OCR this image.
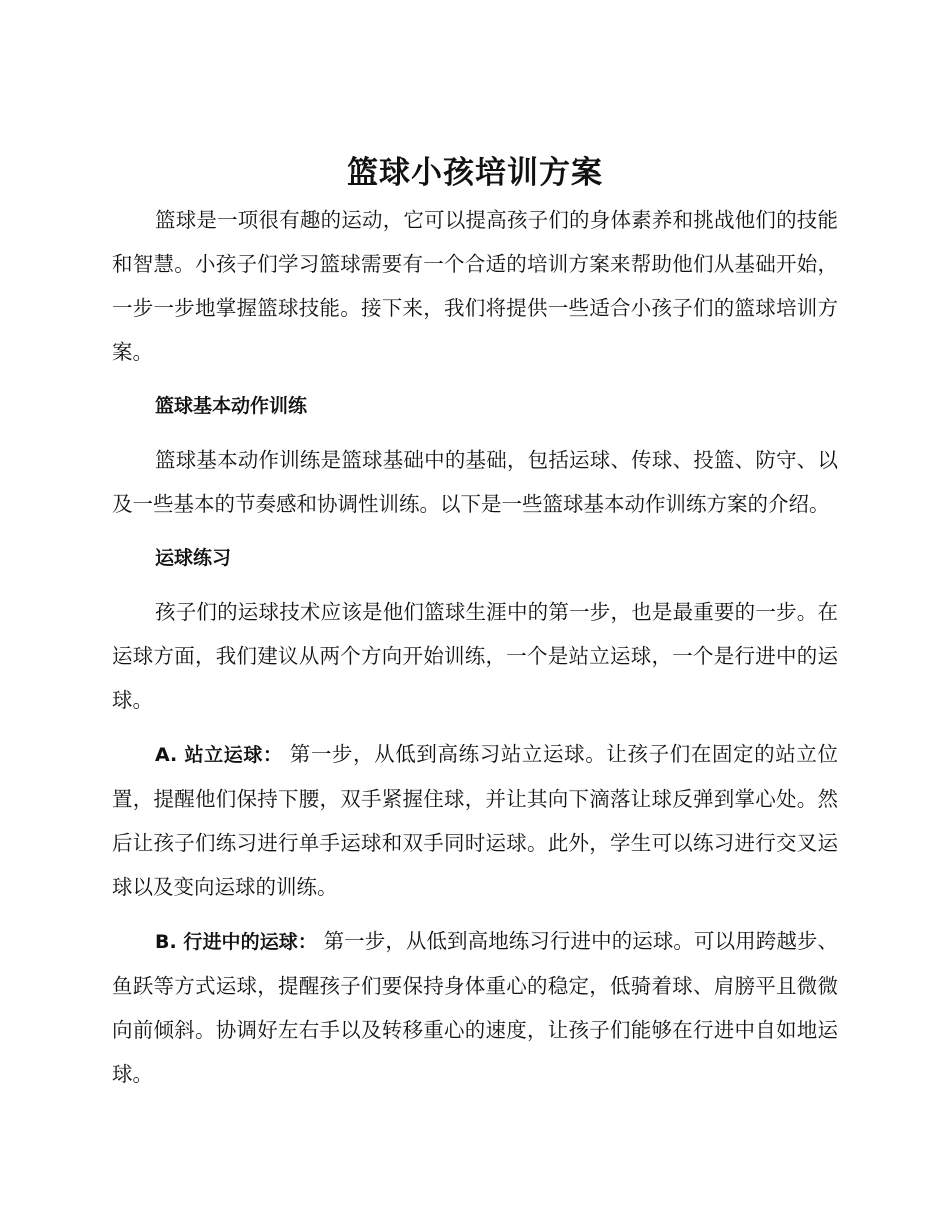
篮球小孩培训方案

篮球是一项很有趣的运动，它可以提高孩子们的身体素养和挑战他们的技能和智慧。小孩子们学习篮球需要有一个合适的培训方案来帮助他们从基础开始，一步一步地掌握篮球技能。接下来，我们将提供一些适合小孩子们的篮球培训方案。

篮球基本动作训练

篮球基本动作训练是篮球基础中的基础，包括运球、传球、投篮、防守、以及一些基本的节奏感和协调性训练。以下是一些篮球基本动作训练方案的介绍。

运球练习

孩子们的运球技术应该是他们篮球生涯中的第一步，也是最重要的一步。在运球方面，我们建议从两个方向开始训练，一个是站立运球，一个是行进中的运球。

A. 站立运球： 第一步，从低到高练习站立运球。让孩子们在固定的站立位置，提醒他们保持下腰，双手紧握住球，并让其向下滴落让球反弹到掌心处。然后让孩子们练习进行单手运球和双手同时运球。此外，学生可以练习进行交叉运球以及变向运球的训练。

B. 行进中的运球： 第一步，从低到高地练习行进中的运球。可以用跨越步、鱼跃等方式运球，提醒孩子们要保持身体重心的稳定，低骑着球、肩膀平且微微向前倾斜。协调好左右手以及转移重心的速度，让孩子们能够在行进中自如地运球。
